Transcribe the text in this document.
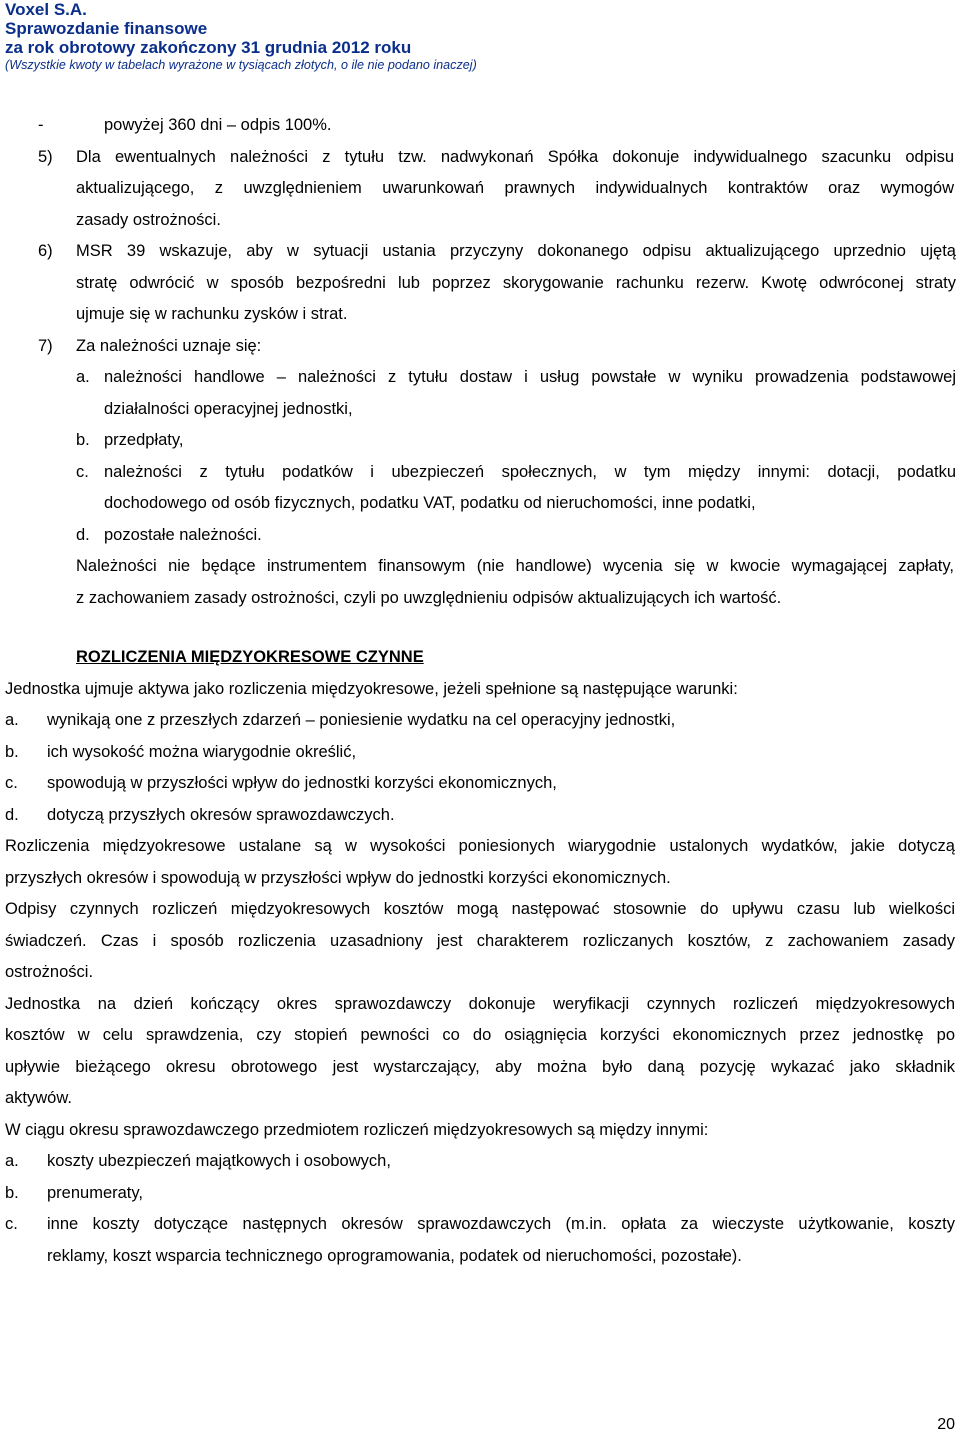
Voxel S.A.
Sprawozdanie finansowe
za rok obrotowy zakończony 31 grudnia 2012 roku
(Wszystkie kwoty w tabelach wyrażone w tysiącach złotych, o ile nie podano inaczej)
-	powyżej 360 dni – odpis 100%.
5) Dla ewentualnych należności z tytułu tzw. nadwykonań Spółka dokonuje indywidualnego szacunku odpisu
aktualizującego, z uwzględnieniem uwarunkowań prawnych indywidualnych kontraktów oraz wymogów
zasady ostrożności.
6) MSR 39 wskazuje, aby w sytuacji ustania przyczyny dokonanego odpisu aktualizującego uprzednio ujętą
stratę odwrócić w sposób bezpośredni lub poprzez skorygowanie rachunku rezerw. Kwotę odwróconej straty
ujmuje się w rachunku zysków i strat.
7) Za należności uznaje się:
a. należności handlowe – należności z tytułu dostaw i usług powstałe w wyniku prowadzenia podstawowej
działalności operacyjnej jednostki,
b. przedpłaty,
c. należności z tytułu podatków i ubezpieczeń społecznych, w tym między innymi: dotacji, podatku
dochodowego od osób fizycznych, podatku VAT, podatku od nieruchomości, inne podatki,
d. pozostałe należności.
Należności nie będące instrumentem finansowym (nie handlowe) wycenia się w kwocie wymagającej zapłaty,
z zachowaniem zasady ostrożności, czyli po uwzględnieniu odpisów aktualizujących ich wartość.
ROZLICZENIA MIĘDZYOKRESOWE CZYNNE
Jednostka ujmuje aktywa jako rozliczenia międzyokresowe, jeżeli spełnione są następujące warunki:
a. wynikają one z przeszłych zdarzeń – poniesienie wydatku na cel operacyjny jednostki,
b. ich wysokość można wiarygodnie określić,
c. spowodują w przyszłości wpływ do jednostki korzyści ekonomicznych,
d. dotyczą przyszłych okresów sprawozdawczych.
Rozliczenia międzyokresowe ustalane są w wysokości poniesionych wiarygodnie ustalonych wydatków, jakie dotyczą
przyszłych okresów i spowodują w przyszłości wpływ do jednostki korzyści ekonomicznych.
Odpisy czynnych rozliczeń międzyokresowych kosztów mogą następować stosownie do upływu czasu lub wielkości
świadczeń. Czas i sposób rozliczenia uzasadniony jest charakterem rozliczanych kosztów, z zachowaniem zasady
ostrożności.
Jednostka na dzień kończący okres sprawozdawczy dokonuje weryfikacji czynnych rozliczeń międzyokresowych
kosztów w celu sprawdzenia, czy stopień pewności co do osiągnięcia korzyści ekonomicznych przez jednostkę po
upływie bieżącego okresu obrotowego jest wystarczający, aby można było daną pozycję wykazać jako składnik
aktywów.
W ciągu okresu sprawozdawczego przedmiotem rozliczeń międzyokresowych są między innymi:
a. koszty ubezpieczeń majątkowych i osobowych,
b. prenumeraty,
c. inne koszty dotyczące następnych okresów sprawozdawczych (m.in. opłata za wieczyste użytkowanie, koszty
reklamy, koszt wsparcia technicznego oprogramowania, podatek od nieruchomości, pozostałe).
20
